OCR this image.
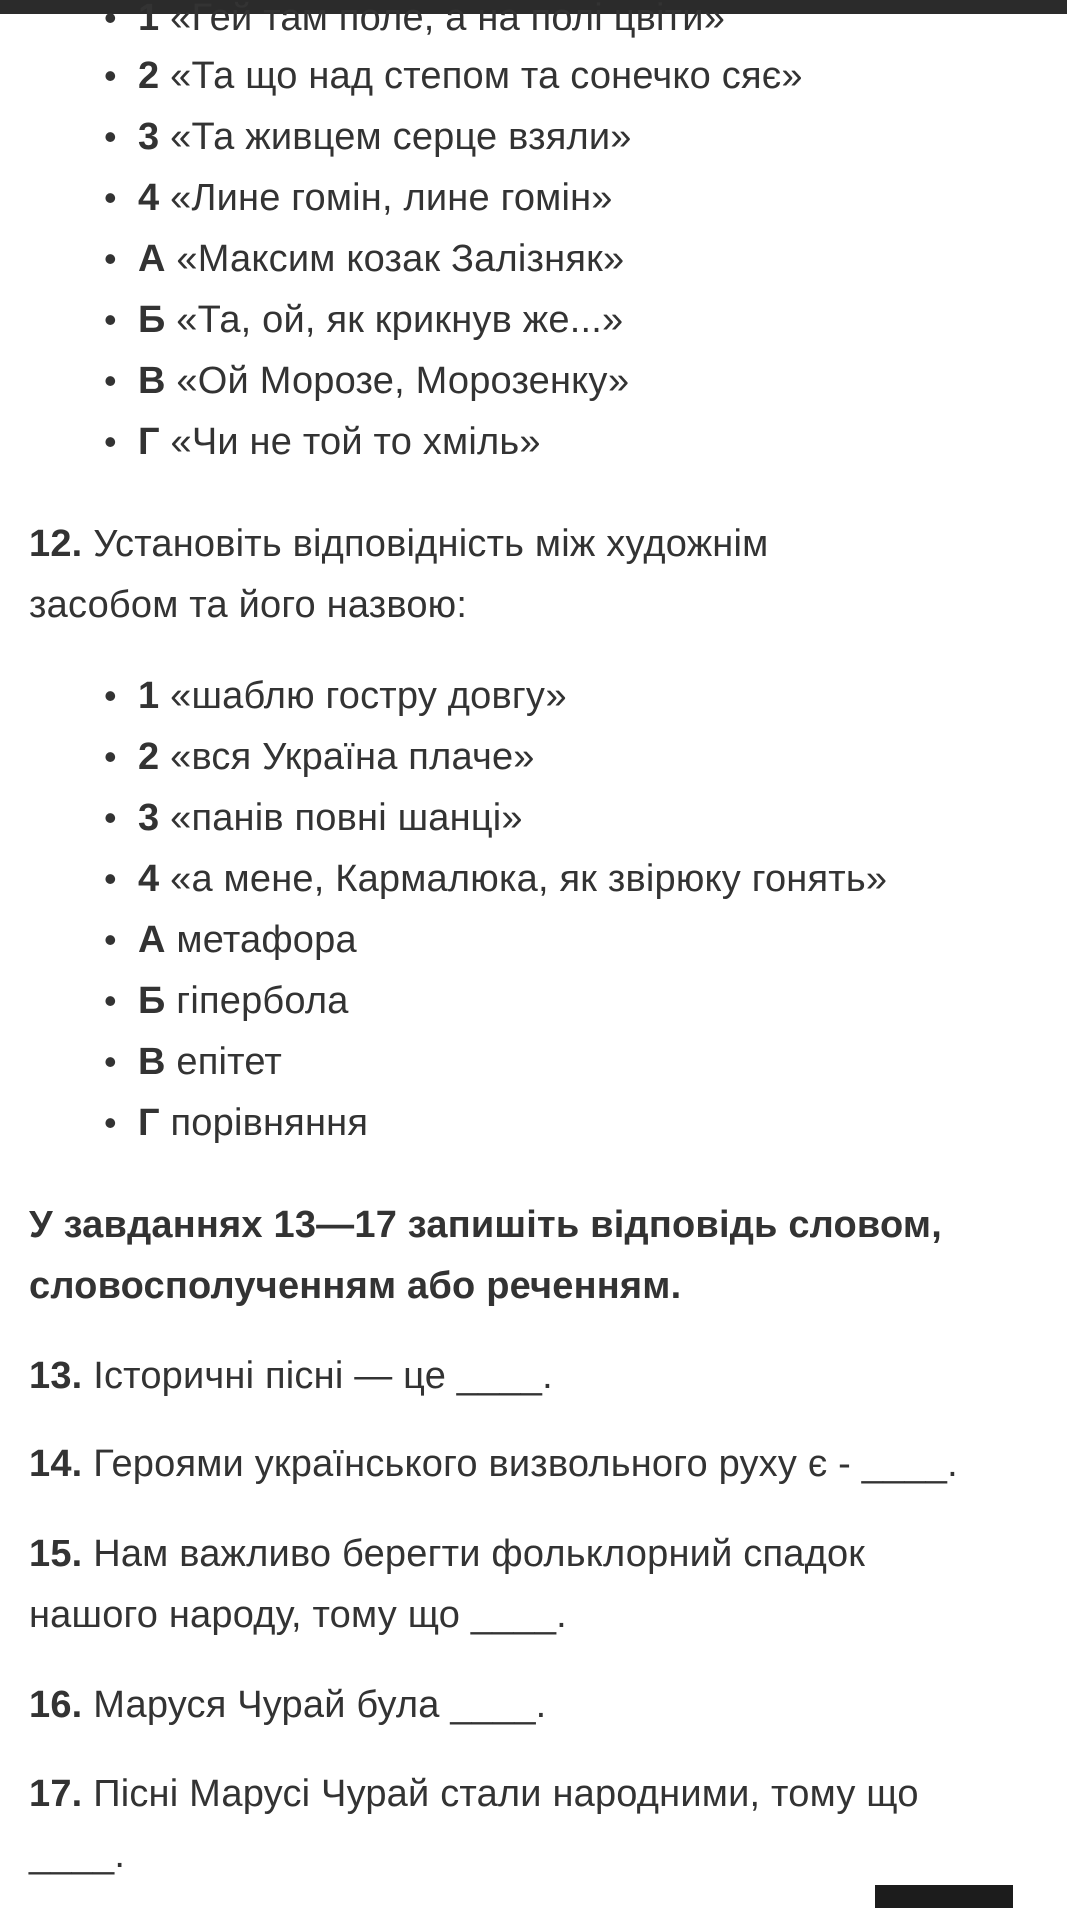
• 1 «Гей там поле, а на полі цвіти»
• 2 «Та що над степом та сонечко сяє»
• 3 «Та живцем серце взяли»
• 4 «Лине гомін, лине гомін»
• А «Максим козак Залізняк»
• Б «Та, ой, як крикнув же...»
• В «Ой Морозе, Морозенку»
• Г «Чи не той то хміль»
12. Установіть відповідність між художнім
засобом та його назвою:
• 1 «шаблю гостру довгу»
• 2 «вся Україна плаче»
• 3 «панів повні шанці»
• 4 «а мене, Кармалюка, як звірюку гонять»
• А метафора
• Б гіпербола
• В епітет
• Г порівняння
У завданнях 13—17 запишіть відповідь словом,
словосполученням або реченням.
13. Історичні пісні — це ____.
14. Героями українського визвольного руху є - ____.
15. Нам важливо берегти фольклорний спадок
нашого народу, тому що ____.
16. Маруся Чурай була ____.
17. Пісні Марусі Чурай стали народними, тому що
____.
